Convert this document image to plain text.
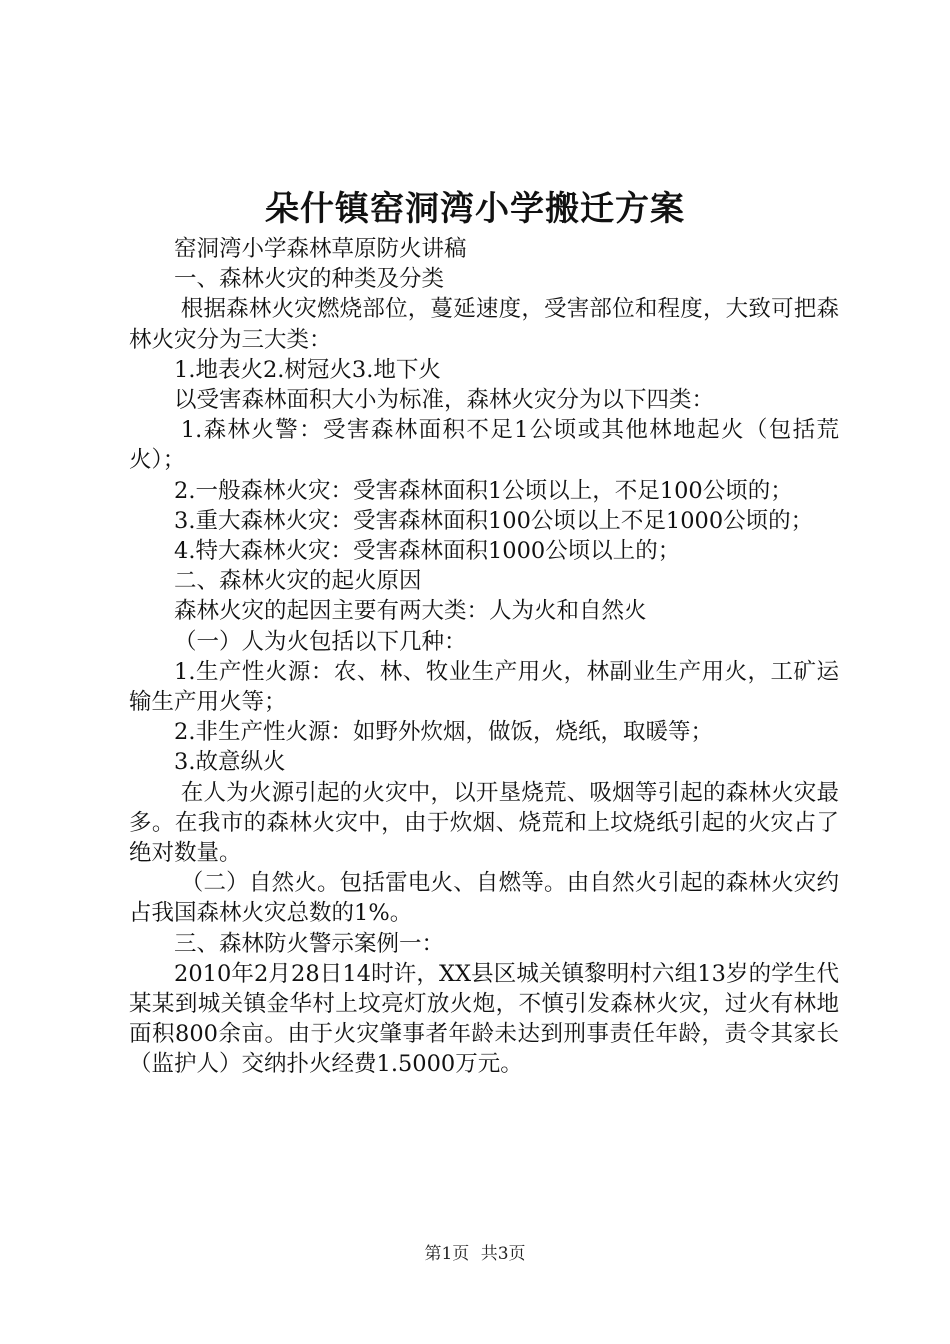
朵什镇窑洞湾小学搬迁方案

窑洞湾小学森林草原防火讲稿

一、森林火灾的种类及分类

根据森林火灾燃烧部位，蔓延速度，受害部位和程度，大致可把森林火灾分为三大类：

1.地表火2.树冠火3.地下火

以受害森林面积大小为标准，森林火灾分为以下四类：

1.森林火警：受害森林面积不足1公顷或其他林地起火（包括荒火）；

2.一般森林火灾：受害森林面积1公顷以上，不足100公顷的；

3.重大森林火灾：受害森林面积100公顷以上不足1000公顷的；

4.特大森林火灾：受害森林面积1000公顷以上的；

二、森林火灾的起火原因

森林火灾的起因主要有两大类：人为火和自然火

（一）人为火包括以下几种：

1.生产性火源：农、林、牧业生产用火，林副业生产用火，工矿运输生产用火等；

2.非生产性火源：如野外炊烟，做饭，烧纸，取暖等；

3.故意纵火

在人为火源引起的火灾中，以开垦烧荒、吸烟等引起的森林火灾最多。在我市的森林火灾中，由于炊烟、烧荒和上坟烧纸引起的火灾占了绝对数量。

（二）自然火。包括雷电火、自燃等。由自然火引起的森林火灾约占我国森林火灾总数的1%。

三、森林防火警示案例一：

2010年2月28日14时许，XX县区城关镇黎明村六组13岁的学生代某某到城关镇金华村上坟亮灯放火炮，不慎引发森林火灾，过火有林地面积800余亩。由于火灾肇事者年龄未达到刑事责任年龄，责令其家长（监护人）交纳扑火经费1.5000万元。

第1页 共3页
